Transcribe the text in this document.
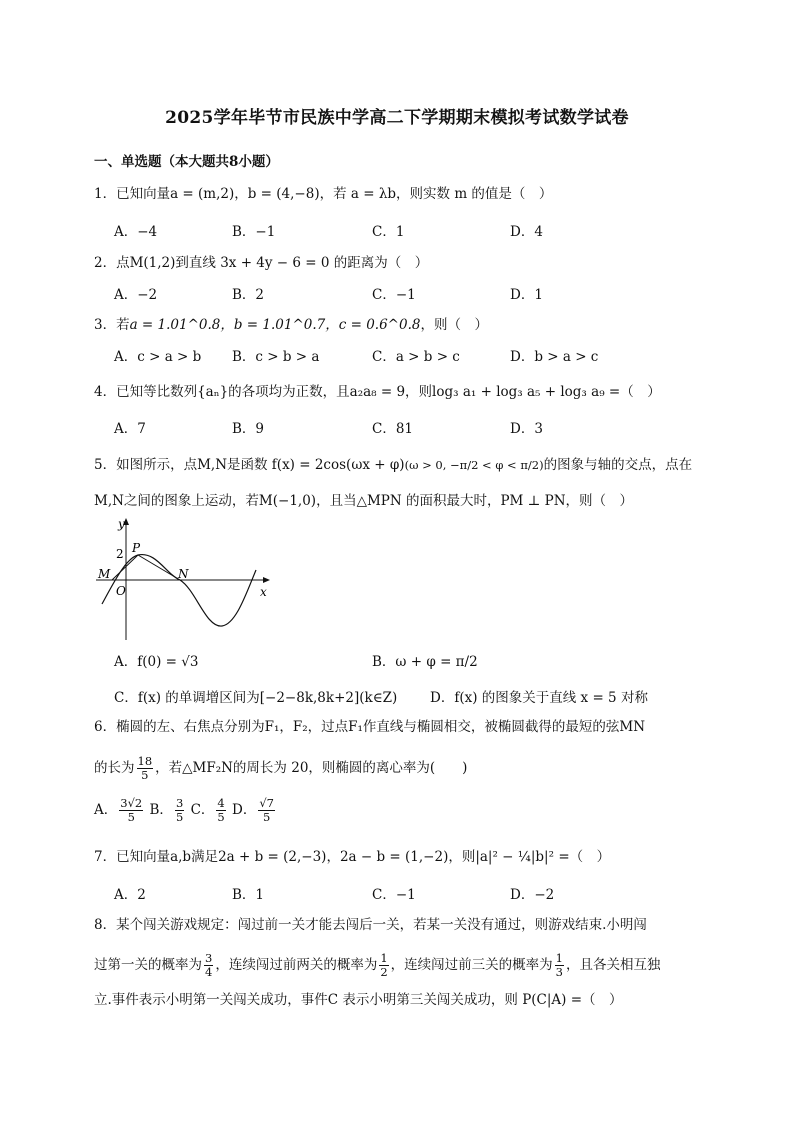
2025学年毕节市民族中学高二下学期期末模拟考试数学试卷
一、单选题（本大题共8小题）
1．已知向量a = (m,2)，b = (4,−8)，若 a = λb，则实数 m 的值是（　）
A．−4	B．−1	C．1	D．4
2．点M(1,2)到直线 3x + 4y − 6 = 0 的距离为（　）
A．−2	B．2	C．−1	D．1
3．若a = 1.01^0.8，b = 1.01^0.7，c = 0.6^0.8，则（　）
A．c > a > b B．c > b > a	C．a > b > c	D．b > a > c
4．已知等比数列{aₙ}的各项均为正数，且a₂a₈ = 9，则log₃ a₁ + log₃ a₅ + log₃ a₉ =（　）
A．7	B．9	C．81	D．3
5．如图所示，点M,N是函数 f(x) = 2cos(ωx + φ)(ω > 0, −π/2 < φ < π/2)的图象与轴的交点，点在
M,N之间的图象上运动，若M(−1,0)，且当△MPN 的面积最大时，PM ⊥ PN，则（　）
y
x
2 P
M	N
O
A．f(0) = √3	B．ω + φ = π/2
C．f(x) 的单调增区间为[−2−8k,8k+2](k∈Z) D．f(x) 的图象关于直线 x = 5 对称
6．椭圆的左、右焦点分别为F₁，F₂，过点F₁作直线与椭圆相交，被椭圆截得的最短的弦MN
的长为 $\frac{18}{5}$ ，若△MF₂N的周长为 20，则椭圆的离心率为(　　)
A． $\frac{3√2}{5}$ B． $\frac{3}{5}$ C． $\frac{4}{5}$ D． $\frac{√7}{5}$
7．已知向量a,b满足2a + b = (2,−3)，2a − b = (1,−2)，则|a|² − ¼|b|² =（　）
A．2	B．1	C．−1	D．−2
8．某个闯关游戏规定：闯过前一关才能去闯后一关，若某一关没有通过，则游戏结束.小明闯
过第一关的概率为 $\frac{3}{4}$ ，连续闯过前两关的概率为 $\frac{1}{2}$ ，连续闯过前三关的概率为 $\frac{1}{3}$ ，且各关相互独
立.事件表示小明第一关闯关成功，事件C 表示小明第三关闯关成功，则 P(C|A) =（　）
